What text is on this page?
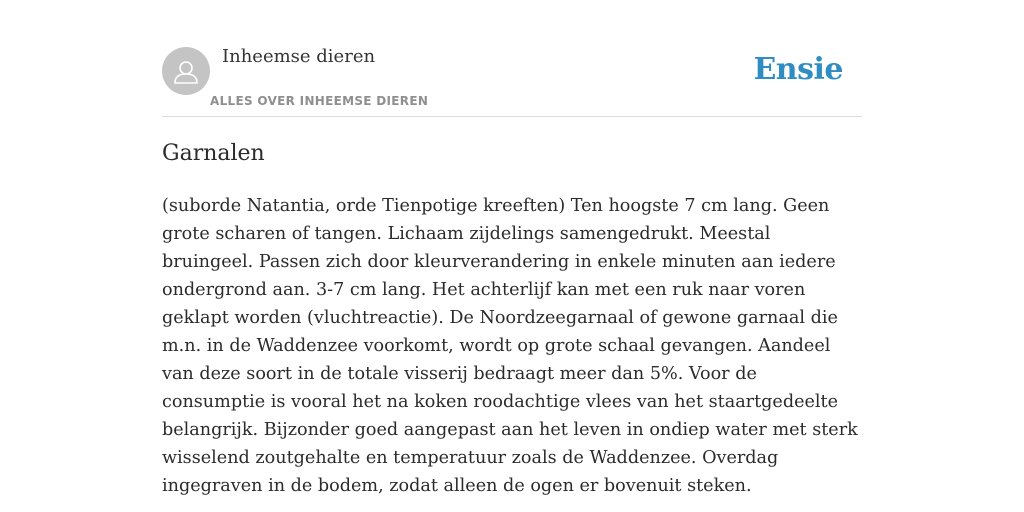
Inheemse dieren
ALLES OVER INHEEMSE DIEREN
Ensie
Garnalen

(suborde Natantia, orde Tienpotige kreeften) Ten hoogste 7 cm lang. Geen grote scharen of tangen. Lichaam zijdelings samengedrukt. Meestal bruingeel. Passen zich door kleurverandering in enkele minuten aan iedere ondergrond aan. 3-7 cm lang. Het achterlijf kan met een ruk naar voren geklapt worden (vluchtreactie). De Noordzeegarnaal of gewone garnaal die m.n. in de Waddenzee voorkomt, wordt op grote schaal gevangen. Aandeel van deze soort in de totale visserij bedraagt meer dan 5%. Voor de consumptie is vooral het na koken roodachtige vlees van het staartgedeelte belangrijk. Bijzonder goed aangepast aan het leven in ondiep water met sterk wisselend zoutgehalte en temperatuur zoals de Waddenzee. Overdag ingegraven in de bodem, zodat alleen de ogen er bovenuit steken.
